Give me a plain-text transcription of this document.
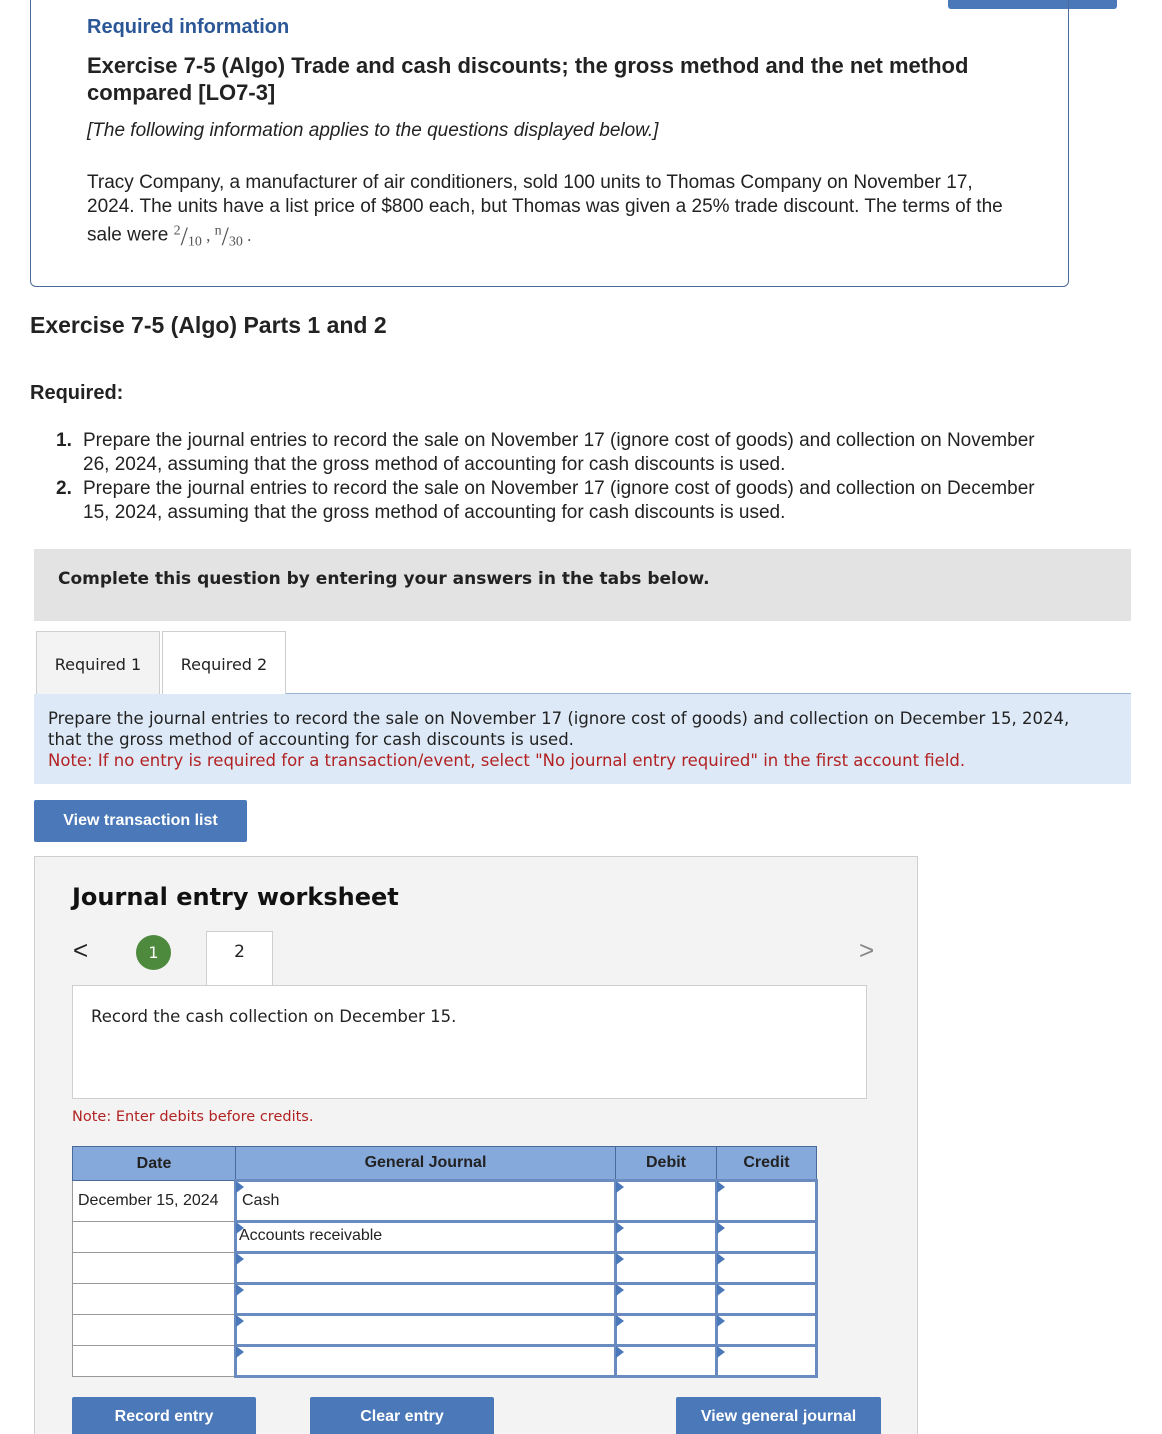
Required information
Exercise 7-5 (Algo) Trade and cash discounts; the gross method and the net method compared [LO7-3]
[The following information applies to the questions displayed below.]
Tracy Company, a manufacturer of air conditioners, sold 100 units to Thomas Company on November 17, 2024. The units have a list price of $800 each, but Thomas was given a 25% trade discount. The terms of the sale were $^2/_{10}$ , $^n/_{30}$ .
Exercise 7-5 (Algo) Parts 1 and 2
Required:
1. Prepare the journal entries to record the sale on November 17 (ignore cost of goods) and collection on November 26, 2024, assuming that the gross method of accounting for cash discounts is used.
2. Prepare the journal entries to record the sale on November 17 (ignore cost of goods) and collection on December 15, 2024, assuming that the gross method of accounting for cash discounts is used.
Complete this question by entering your answers in the tabs below.
Required 1	Required 2
Prepare the journal entries to record the sale on November 17 (ignore cost of goods) and collection on December 15, 2024,
that the gross method of accounting for cash discounts is used.
Note: If no entry is required for a transaction/event, select "No journal entry required" in the first account field.
View transaction list
Journal entry worksheet
<	1	2	>
Record the cash collection on December 15.
Note: Enter debits before credits.
Date	General Journal	Debit	Credit
December 15, 2024	Cash		
	Accounts receivable		

Record entry	Clear entry	View general journal
